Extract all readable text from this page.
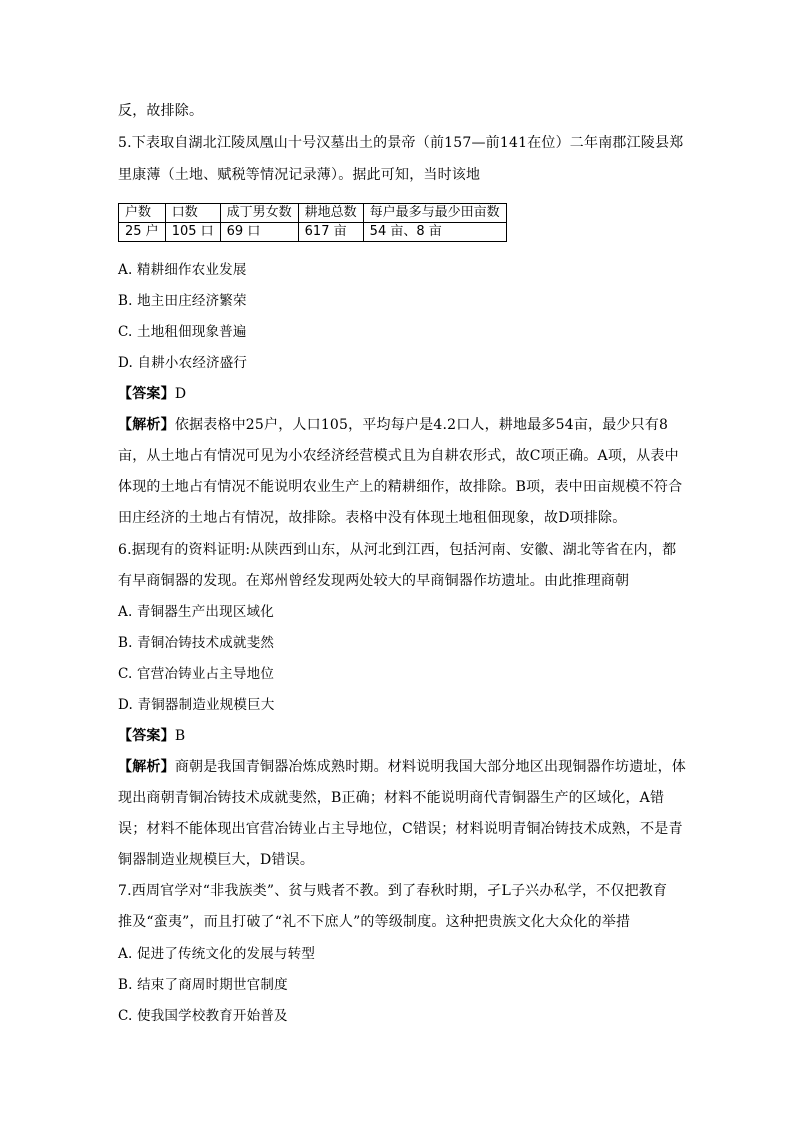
反，故排除。
5.下表取自湖北江陵凤凰山十号汉墓出土的景帝（前157—前141在位）二年南郡江陵县郑
里康薄（土地、赋税等情况记录薄）。据此可知，当时该地
户数	口数	成丁男女数	耕地总数	每户最多与最少田亩数
25 户	105 口	69 口	617 亩	54 亩、8 亩
A. 精耕细作农业发展
B. 地主田庄经济繁荣
C. 土地租佃现象普遍
D. 自耕小农经济盛行
【答案】D
【解析】依据表格中25户，人口105，平均每户是4.2口人，耕地最多54亩，最少只有8
亩，从土地占有情况可见为小农经济经营模式且为自耕农形式，故C项正确。A项，从表中
体现的土地占有情况不能说明农业生产上的精耕细作，故排除。B项，表中田亩规模不符合
田庄经济的土地占有情况，故排除。表格中没有体现土地租佃现象，故D项排除。
6.据现有的资料证明:从陕西到山东，从河北到江西，包括河南、安徽、湖北等省在内，都
有早商铜器的发现。在郑州曾经发现两处较大的早商铜器作坊遗址。由此推理商朝
A. 青铜器生产出现区域化
B. 青铜冶铸技术成就斐然
C. 官营冶铸业占主导地位
D. 青铜器制造业规模巨大
【答案】B
【解析】商朝是我国青铜器冶炼成熟时期。材料说明我国大部分地区出现铜器作坊遗址，体
现出商朝青铜冶铸技术成就斐然，B正确；材料不能说明商代青铜器生产的区域化，A错
误；材料不能体现出官营冶铸业占主导地位，C错误；材料说明青铜冶铸技术成熟，不是青
铜器制造业规模巨大，D错误。
7.西周官学对“非我族类”、贫与贱者不教。到了春秋时期，孑L子兴办私学，不仅把教育
推及“蛮夷”，而且打破了“礼不下庶人”的等级制度。这种把贵族文化大众化的举措
A. 促进了传统文化的发展与转型
B. 结束了商周时期世官制度
C. 使我国学校教育开始普及
